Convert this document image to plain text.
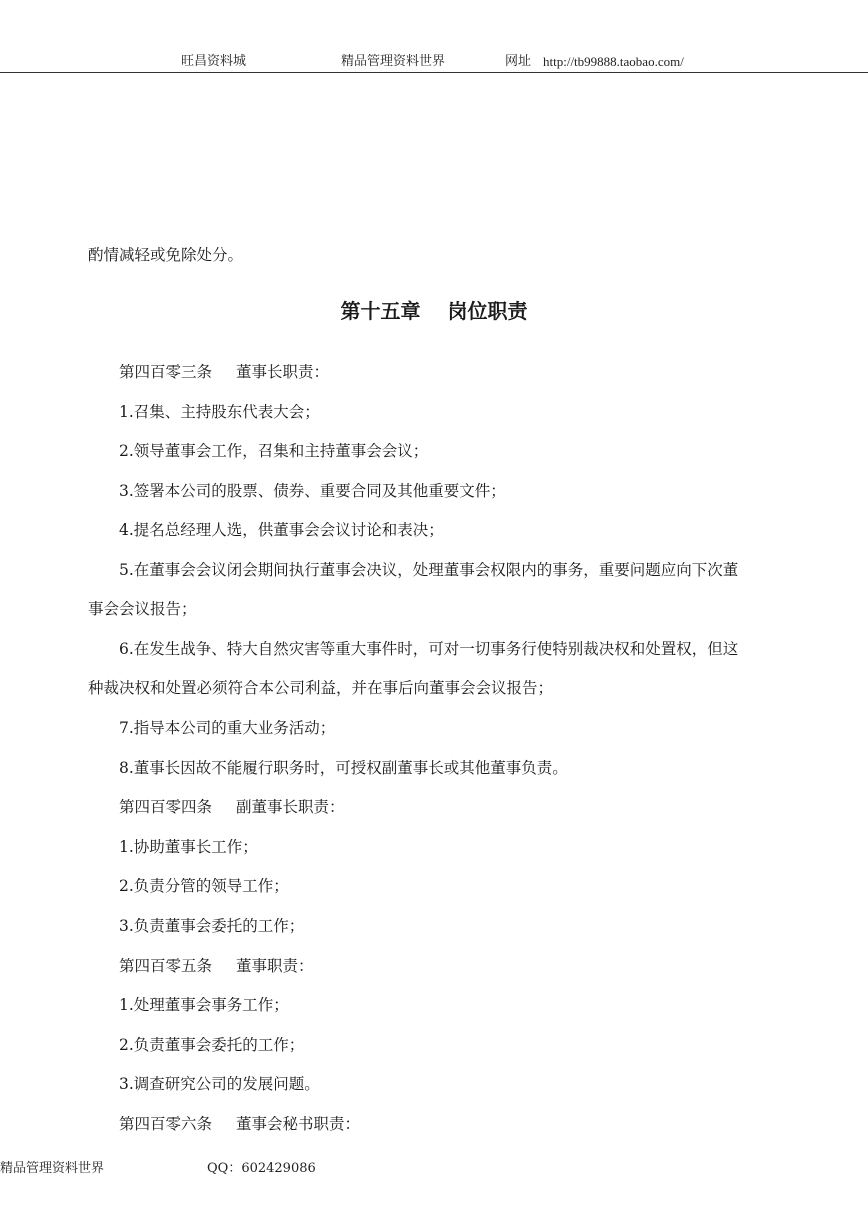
旺昌资料城	精品管理资料世界	网址 http://tb99888.taobao.com/
酌情减轻或免除处分。
第十五章　 岗位职责
第四百零三条 董事长职责：
1.召集、主持股东代表大会；
2.领导董事会工作，召集和主持董事会会议；
3.签署本公司的股票、债券、重要合同及其他重要文件；
4.提名总经理人选，供董事会会议讨论和表决；
5.在董事会会议闭会期间执行董事会决议，处理董事会权限内的事务，重要问题应向下次董
事会会议报告；
6.在发生战争、特大自然灾害等重大事件时，可对一切事务行使特别裁决权和处置权，但这
种裁决权和处置必须符合本公司利益，并在事后向董事会会议报告；
7.指导本公司的重大业务活动；
8.董事长因故不能履行职务时，可授权副董事长或其他董事负责。
第四百零四条 副董事长职责：
1.协助董事长工作；
2.负责分管的领导工作；
3.负责董事会委托的工作；
第四百零五条 董事职责：
1.处理董事会事务工作；
2.负责董事会委托的工作；
3.调查研究公司的发展问题。
第四百零六条 董事会秘书职责：
精品管理资料世界	QQ：602429086
